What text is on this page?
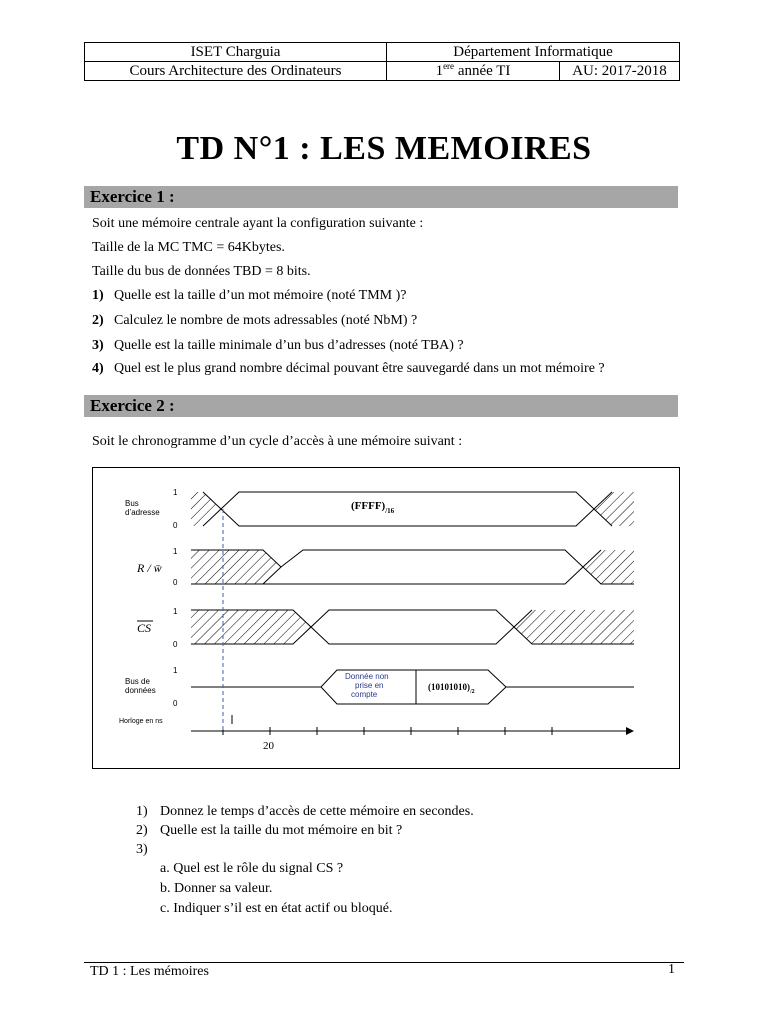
ISET Charguia	Département Informatique	
Cours Architecture des Ordinateurs	1ere année TI	AU: 2017-2018
TD N°1 : LES MEMOIRES
Exercice 1 :
Soit une mémoire centrale ayant la configuration suivante :
Taille de la MC TMC = 64Kbytes.
Taille du bus de données TBD = 8 bits.
1) Quelle est la taille d’un mot mémoire (noté TMM )?
2) Calculez le nombre de mots adressables (noté NbM) ?
3) Quelle est la taille minimale d’un bus d’adresses (noté TBA) ?
4) Quel est le plus grand nombre décimal pouvant être sauvegardé dans un mot mémoire ?
Exercice 2 :
Soit le chronogramme d’un cycle d’accès à une mémoire suivant :
Bus
d’adresse
1
0
$(FFFF)_{/16}$
R / w̄
1
0
CS
1
0
Bus de
données
1
0
Donnée non
prise en
compte
$(10101010)_{/2}$
Horloge en ns
20
1) Donnez le temps d’accès de cette mémoire en secondes.
2) Quelle est la taille du mot mémoire en bit ?
3)
a. Quel est le rôle du signal CS ?
b. Donner sa valeur.
c. Indiquer s’il est en état actif ou bloqué.
TD 1 : Les mémoires	1
